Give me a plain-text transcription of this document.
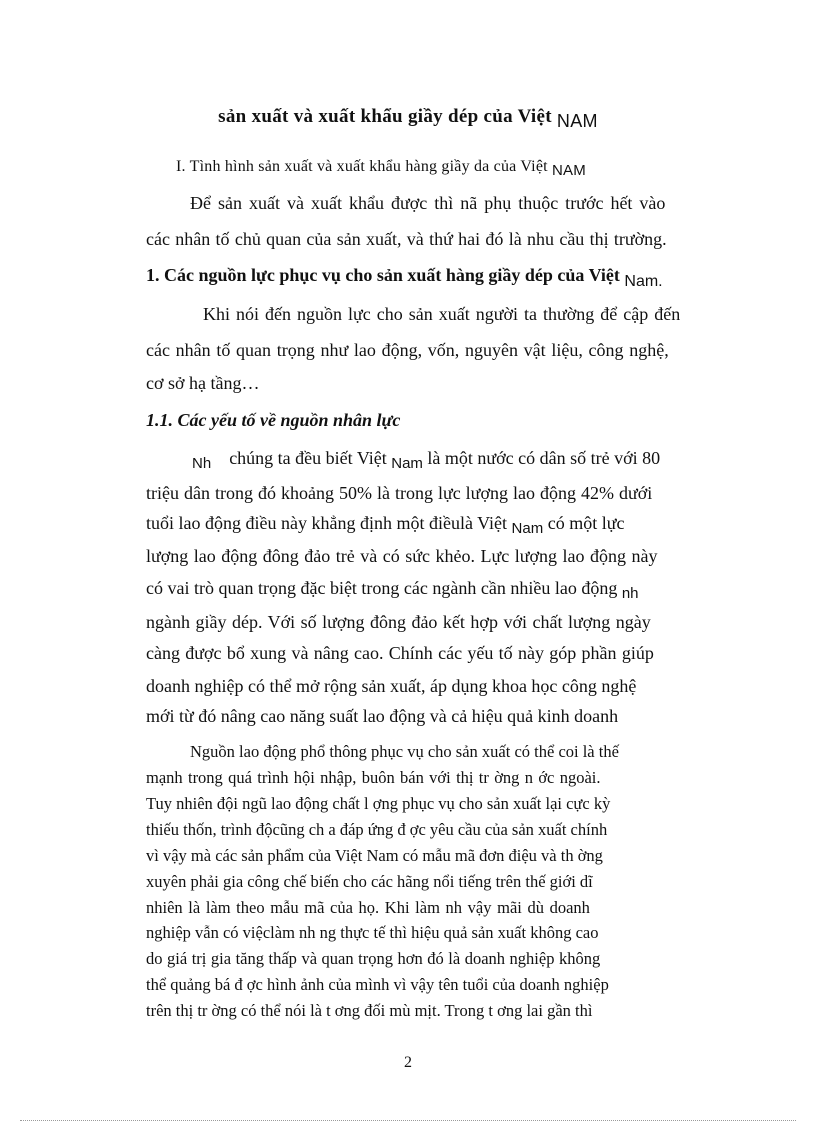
sản xuất và xuất khẩu giầy dép của Việt NAM
I. Tình hình sản xuất và xuất khẩu hàng giầy da của Việt NAM
Để sản xuất và xuất khẩu được thì nã phụ thuộc trước hết vào
các nhân tố chủ quan của sản xuất, và thứ hai đó là nhu cầu thị trường.
1. Các nguồn lực phục vụ cho sản xuất hàng giầy dép của Việt Nam.
Khi nói đến nguồn lực cho sản xuất người ta thường để cập đến
các nhân tố quan trọng như lao động, vốn, nguyên vật liệu, công nghệ,
cơ sở hạ tầng…
1.1. Các yếu tố về nguồn nhân lực
$_{Nh}$ chúng ta đều biết Việt $_{Nam}$ là một nước có dân số trẻ với 80
triệu dân trong đó khoảng 50% là trong lực lượng lao động 42% dưới
tuổi lao động điều này khẳng định một điềulà Việt $_{Nam}$ có một lực
lượng lao động đông đảo trẻ và có sức khẻo. Lực lượng lao động này
có vai trò quan trọng đặc biệt trong các ngành cần nhiều lao động $_{nh}$
ngành giầy dép. Với số lượng đông đảo kết hợp với chất lượng ngày
càng được bổ xung và nâng cao. Chính các yếu tố này góp phần giúp
doanh nghiệp có thể mở rộng sản xuất, áp dụng khoa học công nghệ
mới từ đó nâng cao năng suất lao động và cả hiệu quả kinh doanh
Nguồn lao động phổ thông phục vụ cho sản xuất có thể coi là thế
mạnh trong quá trình hội nhập, buôn bán với thị tr ờng n ớc ngoài.
Tuy nhiên đội ngũ lao động chất l ợng phục vụ cho sản xuất lại cực kỳ
thiếu thốn, trình độcũng ch a đáp ứng đ ợc yêu cầu của sản xuất chính
vì vậy mà các sản phẩm của Việt Nam có mẫu mã đơn điệu và th ờng
xuyên phải gia công chế biến cho các hãng nổi tiếng trên thế giới dĩ
nhiên là làm theo mẫu mã của họ. Khi làm nh vậy mãi dù doanh
nghiệp vẫn có việclàm nh ng thực tế thì hiệu quả sản xuất không cao
do giá trị gia tăng thấp và quan trọng hơn đó là doanh nghiệp không
thể quảng bá đ ợc hình ảnh của mình vì vậy tên tuổi của doanh nghiệp
trên thị tr ờng có thể nói là t ơng đối mù mịt. Trong t ơng lai gần thì
2
